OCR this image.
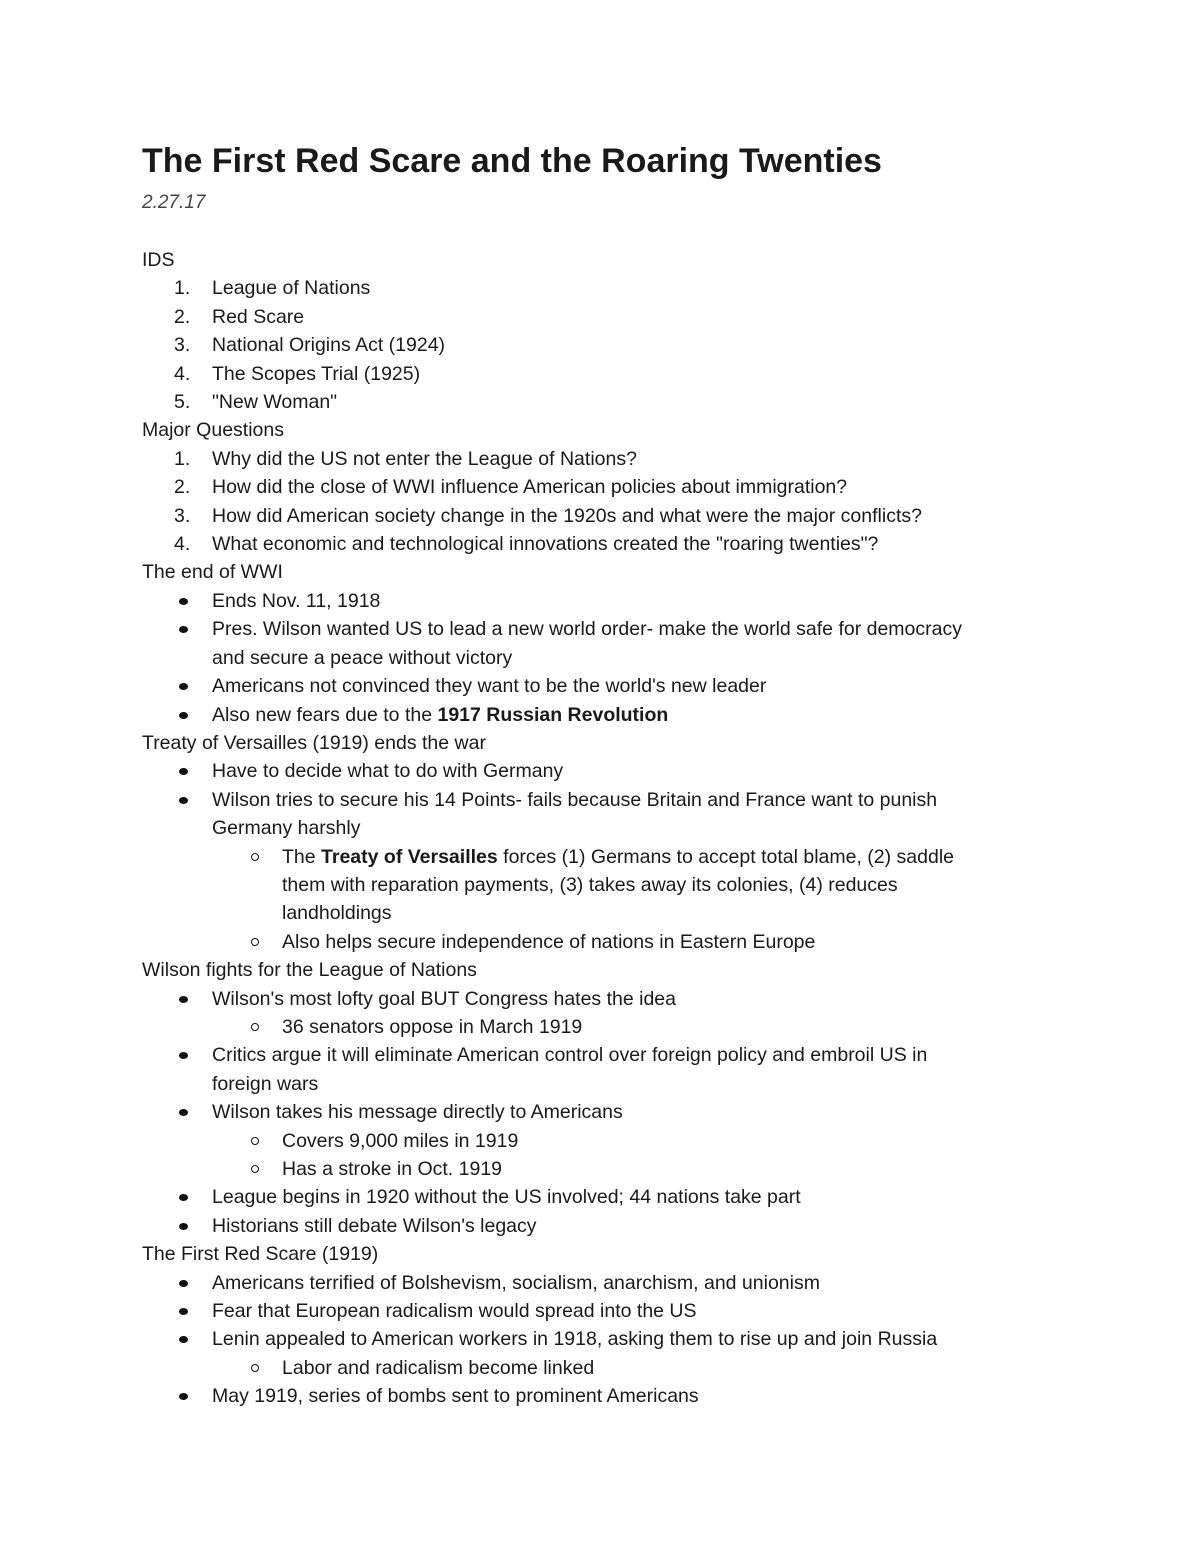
The First Red Scare and the Roaring Twenties
2.27.17
IDS
1. League of Nations
2. Red Scare
3. National Origins Act (1924)
4. The Scopes Trial (1925)
5. "New Woman"
Major Questions
1. Why did the US not enter the League of Nations?
2. How did the close of WWI influence American policies about immigration?
3. How did American society change in the 1920s and what were the major conflicts?
4. What economic and technological innovations created the "roaring twenties"?
The end of WWI
Ends Nov. 11, 1918
Pres. Wilson wanted US to lead a new world order- make the world safe for democracy
and secure a peace without victory
Americans not convinced they want to be the world's new leader
Also new fears due to the 1917 Russian Revolution
Treaty of Versailles (1919) ends the war
Have to decide what to do with Germany
Wilson tries to secure his 14 Points- fails because Britain and France want to punish
Germany harshly
The Treaty of Versailles forces (1) Germans to accept total blame, (2) saddle
them with reparation payments, (3) takes away its colonies, (4) reduces
landholdings
Also helps secure independence of nations in Eastern Europe
Wilson fights for the League of Nations
Wilson's most lofty goal BUT Congress hates the idea
36 senators oppose in March 1919
Critics argue it will eliminate American control over foreign policy and embroil US in
foreign wars
Wilson takes his message directly to Americans
Covers 9,000 miles in 1919
Has a stroke in Oct. 1919
League begins in 1920 without the US involved; 44 nations take part
Historians still debate Wilson's legacy
The First Red Scare (1919)
Americans terrified of Bolshevism, socialism, anarchism, and unionism
Fear that European radicalism would spread into the US
Lenin appealed to American workers in 1918, asking them to rise up and join Russia
Labor and radicalism become linked
May 1919, series of bombs sent to prominent Americans
